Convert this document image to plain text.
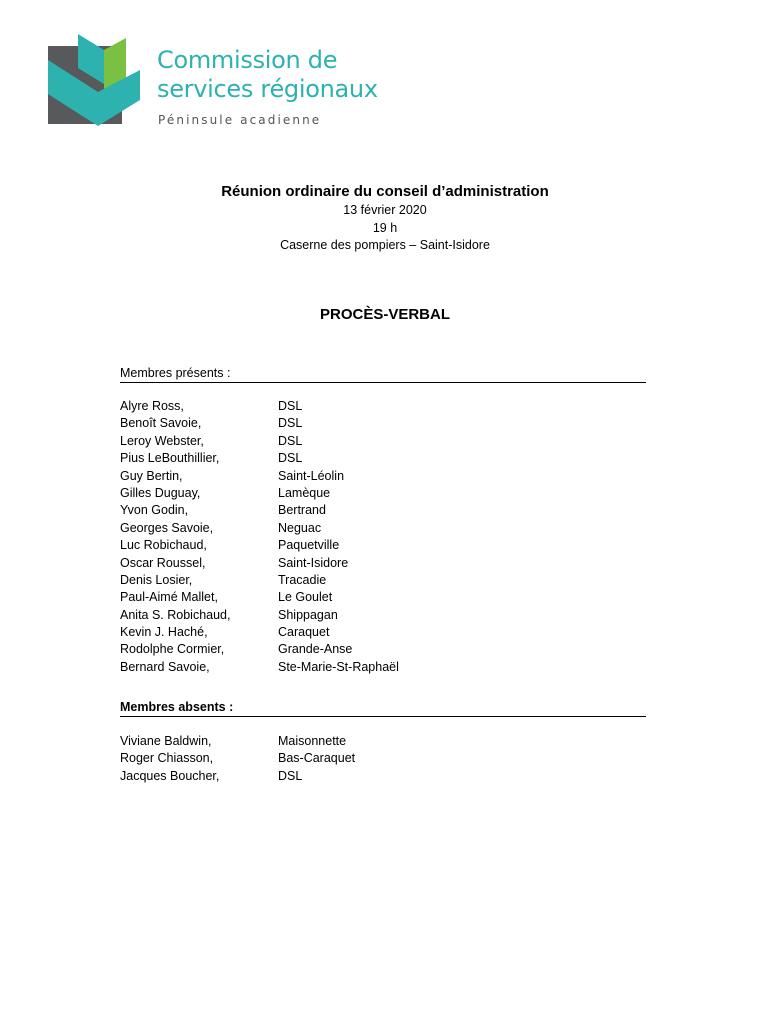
Commission de
services régionaux
Péninsule acadienne

Réunion ordinaire du conseil d’administration

13 février 2020

19 h

Caserne des pompiers – Saint-Isidore

PROCÈS-VERBAL

Membres présents :
Alyre Ross,	DSL
Benoît Savoie,	DSL
Leroy Webster,	DSL
Pius LeBouthillier,	DSL
Guy Bertin,	Saint-Léolin
Gilles Duguay,	Lamèque
Yvon Godin,	Bertrand
Georges Savoie,	Neguac
Luc Robichaud,	Paquetville
Oscar Roussel,	Saint-Isidore
Denis Losier,	Tracadie
Paul-Aimé Mallet,	Le Goulet
Anita S. Robichaud,	Shippagan
Kevin J. Haché,	Caraquet
Rodolphe Cormier,	Grande-Anse
Bernard Savoie,	Ste-Marie-St-Raphaël
Membres absents :
Viviane Baldwin,	Maisonnette
Roger Chiasson,	Bas-Caraquet
Jacques Boucher,	DSL
